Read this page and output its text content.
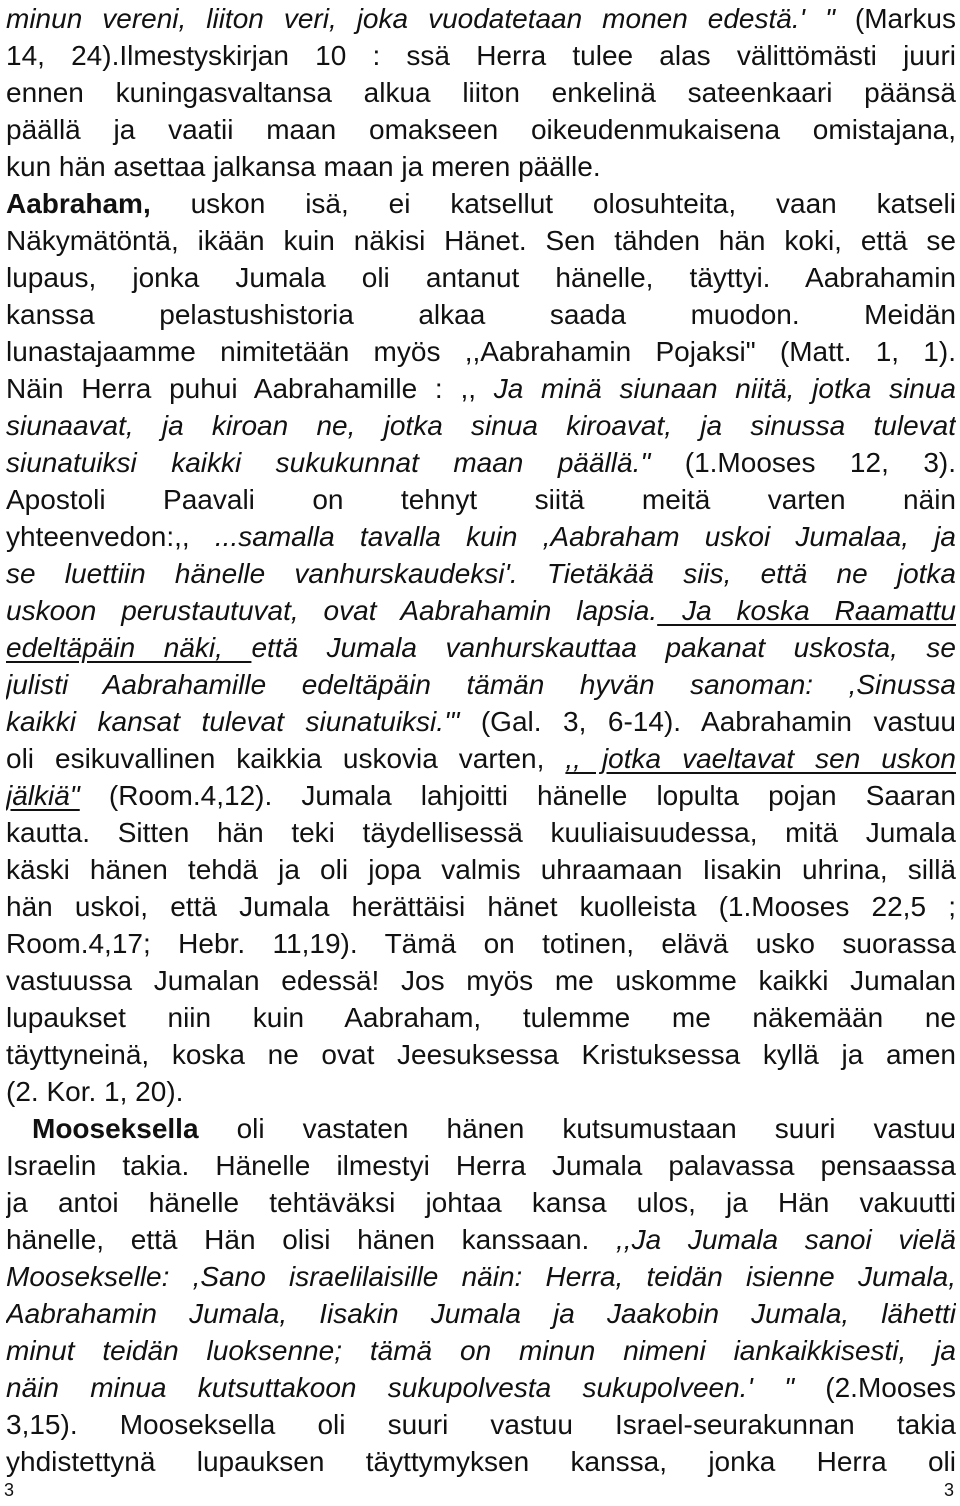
minun vereni, liiton veri, joka vuodatetaan monen edestä.' " (Markus
14, 24).Ilmestyskirjan 10 : ssä Herra tulee alas välittömästi juuri
ennen kuningasvaltansa alkua liiton enkelinä sateenkaari päänsä
päällä ja vaatii maan omakseen oikeudenmukaisena omistajana,
kun hän asettaa jalkansa maan ja meren päälle.
Aabraham, uskon isä, ei katsellut olosuhteita, vaan katseli
Näkymätöntä, ikään kuin näkisi Hänet. Sen tähden hän koki, että se
lupaus, jonka Jumala oli antanut hänelle, täyttyi. Aabrahamin
kanssa pelastushistoria alkaa saada muodon. Meidän
lunastajaamme nimitetään myös ,,Aabrahamin Pojaksi" (Matt. 1, 1).
Näin Herra puhui Aabrahamille : ,, Ja minä siunaan niitä, jotka sinua
siunaavat, ja kiroan ne, jotka sinua kiroavat, ja sinussa tulevat
siunatuiksi kaikki sukukunnat maan päällä." (1.Mooses 12, 3).
Apostoli Paavali on tehnyt siitä meitä varten näin
yhteenvedon:,, ...samalla tavalla kuin ,Aabraham uskoi Jumalaa, ja
se luettiin hänelle vanhurskaudeksi'. Tietäkää siis, että ne jotka
uskoon perustautuvat, ovat Aabrahamin lapsia. Ja koska Raamattu
edeltäpäin näki, että Jumala vanhurskauttaa pakanat uskosta, se
julisti Aabrahamille edeltäpäin tämän hyvän sanoman: ,Sinussa
kaikki kansat tulevat siunatuiksi.'" (Gal. 3, 6-14). Aabrahamin vastuu
oli esikuvallinen kaikkia uskovia varten, ,, jotka vaeltavat sen uskon
jälkiä" (Room.4,12). Jumala lahjoitti hänelle lopulta pojan Saaran
kautta. Sitten hän teki täydellisessä kuuliaisuudessa, mitä Jumala
käski hänen tehdä ja oli jopa valmis uhraamaan Iisakin uhrina, sillä
hän uskoi, että Jumala herättäisi hänet kuolleista (1.Mooses 22,5 ;
Room.4,17; Hebr. 11,19). Tämä on totinen, elävä usko suorassa
vastuussa Jumalan edessä! Jos myös me uskomme kaikki Jumalan
lupaukset niin kuin Aabraham, tulemme me näkemään ne
täyttyneinä, koska ne ovat Jeesuksessa Kristuksessa kyllä ja amen
(2. Kor. 1, 20).
Mooseksella oli vastaten hänen kutsumustaan suuri vastuu
Israelin takia. Hänelle ilmestyi Herra Jumala palavassa pensaassa
ja antoi hänelle tehtäväksi johtaa kansa ulos, ja Hän vakuutti
hänelle, että Hän olisi hänen kanssaan. ,,Ja Jumala sanoi vielä
Moosekselle: ,Sano israelilaisille näin: Herra, teidän isienne Jumala,
Aabrahamin Jumala, Iisakin Jumala ja Jaakobin Jumala, lähetti
minut teidän luoksenne; tämä on minun nimeni iankaikkisesti, ja
näin minua kutsuttakoon sukupolvesta sukupolveen.' " (2.Mooses
3,15). Mooseksella oli suuri vastuu Israel-seurakunnan takia
yhdistettynä lupauksen täyttymyksen kanssa, jonka Herra oli
3	3
